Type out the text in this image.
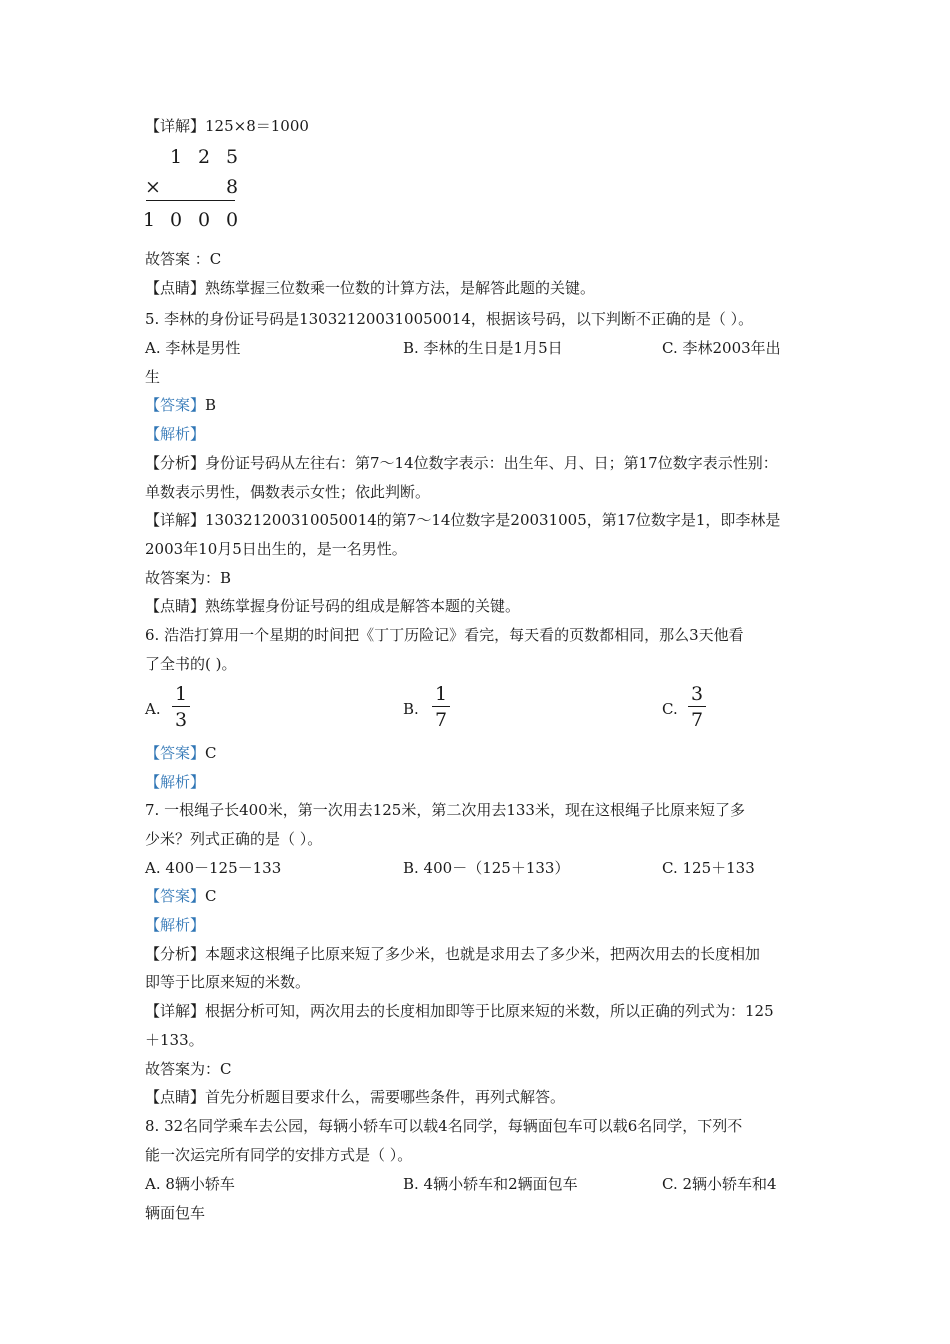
【详解】125×8＝1000
1 2 5
×	8
1 0 0 0
故答案 ：C
【点睛】熟练掌握三位数乘一位数的计算方法，是解答此题的关键。
5. 李林的身份证号码是130321200310050014，根据该号码，以下判断不正确的是（ ）。
A. 李林是男性	B. 李林的生日是1月5日	C. 李林2003年出
生
【答案】B
【解析】
【分析】身份证号码从左往右：第7～14位数字表示：出生年、月、日；第17位数字表示性别：
单数表示男性，偶数表示女性；依此判断。
【详解】130321200310050014的第7～14位数字是20031005，第17位数字是1，即李林是
2003年10月5日出生的，是一名男性。
故答案为：B
【点睛】熟练掌握身份证号码的组成是解答本题的关键。
6. 浩浩打算用一个星期的时间把《丁丁历险记》看完，每天看的页数都相同，那么3天他看
了全书的( )。
A.
1
3	B.
1
7	C.
3
7
【答案】C
【解析】
7. 一根绳子长400米，第一次用去125米，第二次用去133米，现在这根绳子比原来短了多
少米？列式正确的是（ ）。
A. 400－125－133	B. 400－（125＋133）	C. 125＋133
【答案】C
【解析】
【分析】本题求这根绳子比原来短了多少米，也就是求用去了多少米，把两次用去的长度相加
即等于比原来短的米数。
【详解】根据分析可知，两次用去的长度相加即等于比原来短的米数，所以正确的列式为：125
＋133。
故答案为：C
【点睛】首先分析题目要求什么，需要哪些条件，再列式解答。
8. 32名同学乘车去公园，每辆小轿车可以载4名同学，每辆面包车可以载6名同学，下列不
能一次运完所有同学的安排方式是（ ）。
A. 8辆小轿车	B. 4辆小轿车和2辆面包车	C. 2辆小轿车和4
辆面包车
